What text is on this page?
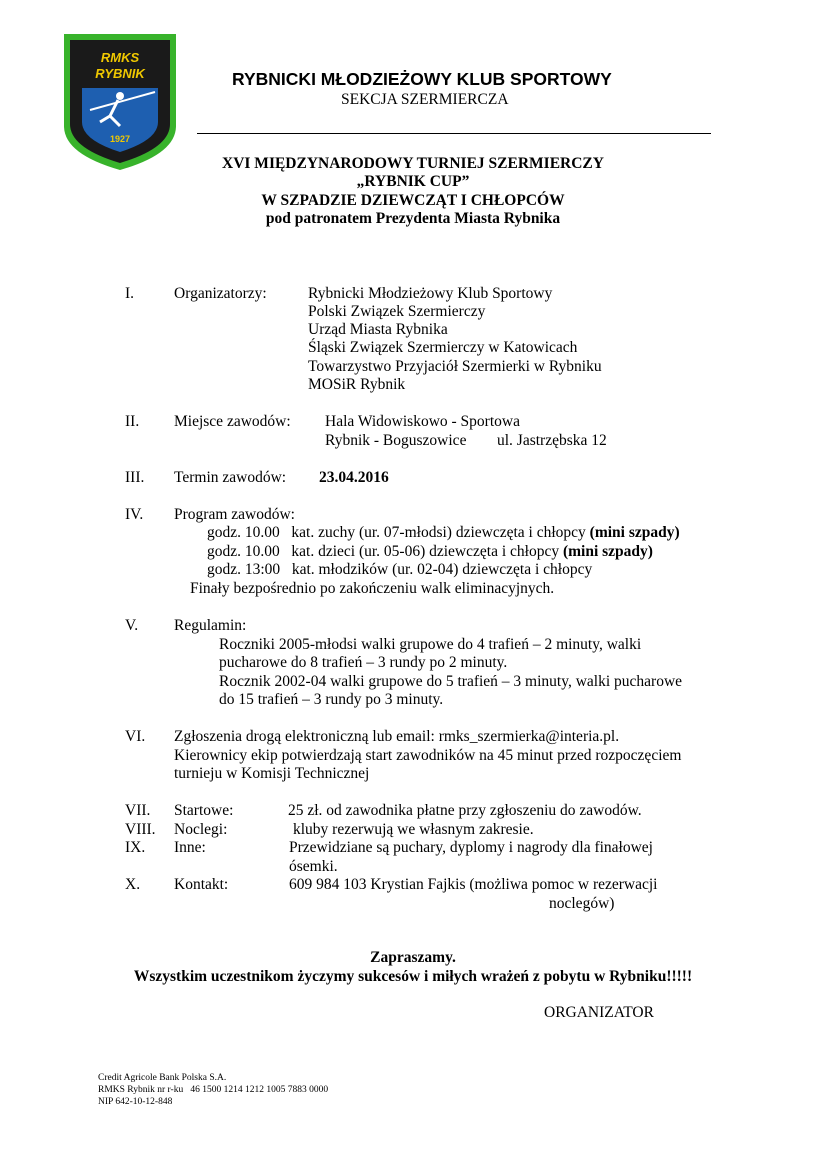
RMKS
RYBNIK
1927
RYBNICKI MŁODZIEŻOWY KLUB SPORTOWY
SEKCJA SZERMIERCZA
XVI MIĘDZYNARODOWY TURNIEJ SZERMIERCZY
„RYBNIK CUP”
W SZPADZIE DZIEWCZĄT I CHŁOPCÓW
pod patronatem Prezydenta Miasta Rybnika
I.	Organizatorzy:	Rybnicki Młodzieżowy Klub Sportowy
Polski Związek Szermierczy
Urząd Miasta Rybnika
Śląski Związek Szermierczy w Katowicach
Towarzystwo Przyjaciół Szermierki w Rybniku
MOSiR Rybnik
II. Miejsce zawodów: Hala Widowiskowo - Sportowa
Rybnik - Boguszowice ul. Jastrzębska 12
III. Termin zawodów: 23.04.2016
IV. Program zawodów:
godz. 10.00 kat. zuchy (ur. 07-młodsi) dziewczęta i chłopcy (mini szpady)
godz. 10.00 kat. dzieci (ur. 05-06) dziewczęta i chłopcy (mini szpady)
godz. 13:00 kat. młodzików (ur. 02-04) dziewczęta i chłopcy
Finały bezpośrednio po zakończeniu walk eliminacyjnych.
V. Regulamin:
Roczniki 2005-młodsi walki grupowe do 4 trafień – 2 minuty, walki
pucharowe do 8 trafień – 3 rundy po 2 minuty.
Rocznik 2002-04 walki grupowe do 5 trafień – 3 minuty, walki pucharowe
do 15 trafień – 3 rundy po 3 minuty.
VI. Zgłoszenia drogą elektroniczną lub email: rmks_szermierka@interia.pl.
Kierownicy ekip potwierdzają start zawodników na 45 minut przed rozpoczęciem
turnieju w Komisji Technicznej
VII. Startowe:	25 zł. od zawodnika płatne przy zgłoszeniu do zawodów.
VIII. Noclegi:	kluby rezerwują we własnym zakresie.
IX. Inne:	Przewidziane są puchary, dyplomy i nagrody dla finałowej
ósemki.
X. Kontakt:	609 984 103 Krystian Fajkis (możliwa pomoc w rezerwacji
noclegów)
Zapraszamy.
Wszystkim uczestnikom życzymy sukcesów i miłych wrażeń z pobytu w Rybniku!!!!!
ORGANIZATOR
Credit Agricole Bank Polska S.A.
RMKS Rybnik nr r-ku 46 1500 1214 1212 1005 7883 0000
NIP 642-10-12-848
